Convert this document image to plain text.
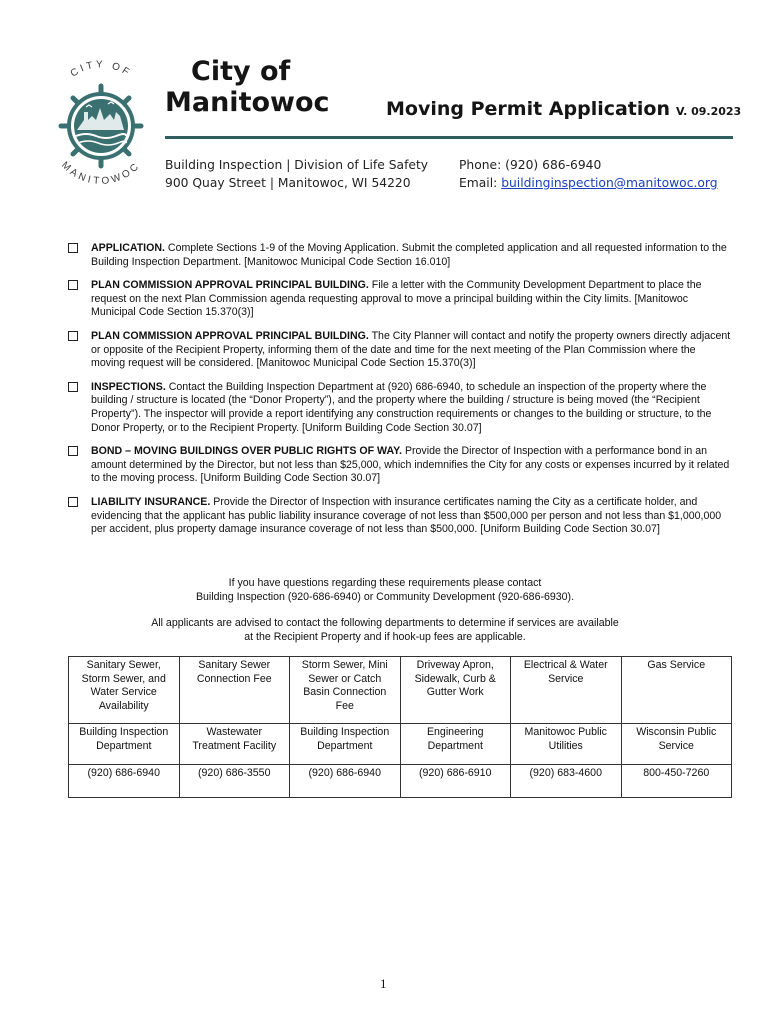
CITY OF
MANITOWOC
City of
Manitowoc	Moving Permit Application V. 09.2023
Building Inspection | Division of Life Safety
900 Quay Street | Manitowoc, WI 54220
Phone: (920) 686-6940
Email: buildinginspection@manitowoc.org
APPLICATION. Complete Sections 1-9 of the Moving Application. Submit the completed application and all requested information to the Building Inspection Department. [Manitowoc Municipal Code Section 16.010]
PLAN COMMISSION APPROVAL PRINCIPAL BUILDING. File a letter with the Community Development Department to place the request on the next Plan Commission agenda requesting approval to move a principal building within the City limits. [Manitowoc Municipal Code Section 15.370(3)]
PLAN COMMISSION APPROVAL PRINCIPAL BUILDING. The City Planner will contact and notify the property owners directly adjacent or opposite of the Recipient Property, informing them of the date and time for the next meeting of the Plan Commission where the moving request will be considered. [Manitowoc Municipal Code Section 15.370(3)]
INSPECTIONS. Contact the Building Inspection Department at (920) 686-6940, to schedule an inspection of the property where the building / structure is located (the “Donor Property”), and the property where the building / structure is being moved (the “Recipient Property”). The inspector will provide a report identifying any construction requirements or changes to the building or structure, to the Donor Property, or to the Recipient Property. [Uniform Building Code Section 30.07]
BOND – MOVING BUILDINGS OVER PUBLIC RIGHTS OF WAY. Provide the Director of Inspection with a performance bond in an amount determined by the Director, but not less than $25,000, which indemnifies the City for any costs or expenses incurred by it related to the moving process. [Uniform Building Code Section 30.07]
LIABILITY INSURANCE. Provide the Director of Inspection with insurance certificates naming the City as a certificate holder, and evidencing that the applicant has public liability insurance coverage of not less than $500,000 per person and not less than $1,000,000 per accident, plus property damage insurance coverage of not less than $500,000. [Uniform Building Code Section 30.07]
If you have questions regarding these requirements please contact
Building Inspection (920-686-6940) or Community Development (920-686-6930).
All applicants are advised to contact the following departments to determine if services are available
at the Recipient Property and if hook-up fees are applicable.
Sanitary Sewer, Storm Sewer, and Water Service Availability	Sanitary Sewer Connection Fee	Storm Sewer, Mini Sewer or Catch Basin Connection Fee	Driveway Apron, Sidewalk, Curb & Gutter Work	Electrical & Water Service	Gas Service
Building Inspection Department	Wastewater Treatment Facility	Building Inspection Department	Engineering Department	Manitowoc Public Utilities	Wisconsin Public Service
(920) 686-6940	(920) 686-3550	(920) 686-6940	(920) 686-6910	(920) 683-4600	800-450-7260
1
